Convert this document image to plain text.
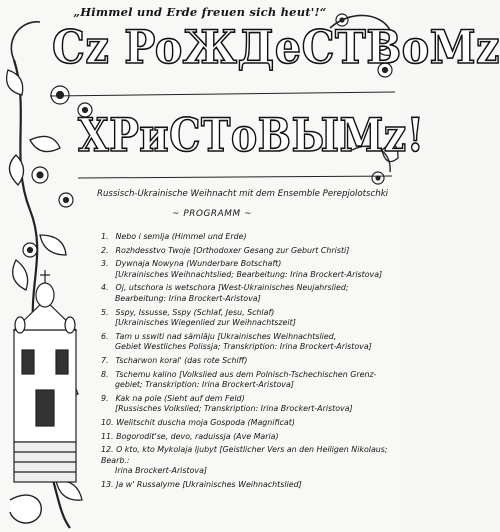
„Himmel und Erde freuen sich heut'!“
Cz PoЖДеСТВоМz
ХРиСТоВЫМz!
Russisch-Ukrainische Weihnacht mit dem Ensemble Perepjolotschki
~ PROGRAMM ~
1. Nebo i semlja (Himmel und Erde)
2. Rozhdesstvo Twoje [Orthodoxer Gesang zur Geburt Christi]
3. Dywnaja Nowyna (Wunderbare Botschaft)
[Ukrainisches Weihnachtslied; Bearbeitung: Irina Brockert-Aristova]
4. Oj, utschora is wetschora [West-Ukrainisches Neujahrslied;
Bearbeitung: Irina Brockert-Aristova]
5. Sspy, Issusse, Sspy (Schlaf, Jesu, Schlaf)
[Ukrainisches Wiegenlied zur Weihnachtszeit]
6. Tam u sswiti nad sämläju [Ukrainisches Weihnachtslied,
Gebiet Westliches Polissja; Transkription: Irina Brockert-Aristova]
7. Tscharwon koral' (das rote Schiff)
8. Tschemu kalino [Volkslied aus dem Polnisch-Tschechischen Grenz-
gebiet; Transkription: Irina Brockert-Aristova]
9. Kak na pole (Sieht auf dem Feld)
[Russisches Volkslied; Transkription: Irina Brockert-Aristova]
10. Welitschit duscha moja Gospoda (Magnificat)
11. Bogorodit'se, devo, raduissja (Ave Maria)
12. O kto, kto Mykolaja ljubyt [Geistlicher Vers an den Heiligen Nikolaus; Bearb.:
Irina Brockert-Aristova]
13. Ja w' Russalyme [Ukrainisches Weihnachtslied]
